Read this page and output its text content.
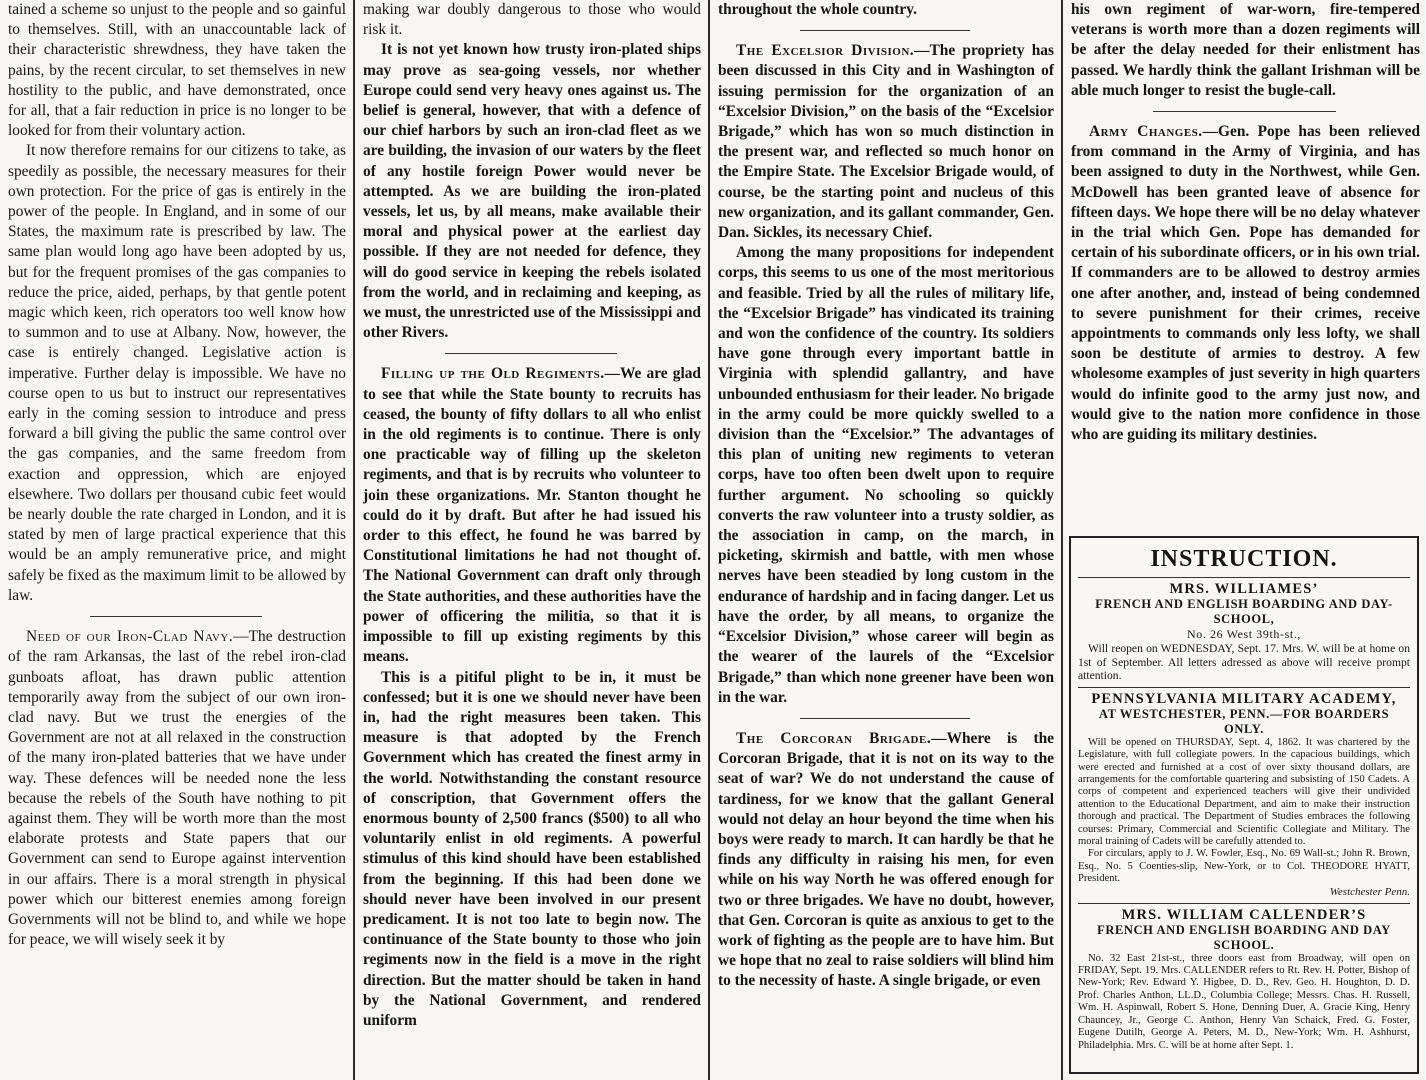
tained a scheme so unjust to the people and so gainful to themselves. Still, with an unaccountable lack of their characteristic shrewdness, they have taken the pains, by the recent circular, to set themselves in new hostility to the public, and have demonstrated, once for all, that a fair reduction in price is no longer to be looked for from their voluntary action.

It now therefore remains for our citizens to take, as speedily as possible, the necessary measures for their own protection. For the price of gas is entirely in the power of the people. In England, and in some of our States, the maximum rate is prescribed by law. The same plan would long ago have been adopted by us, but for the frequent promises of the gas companies to reduce the price, aided, perhaps, by that gentle potent magic which keen, rich operators too well know how to summon and to use at Albany. Now, however, the case is entirely changed. Legislative action is imperative. Further delay is impossible. We have no course open to us but to instruct our representatives early in the coming session to introduce and press forward a bill giving the public the same control over the gas companies, and the same freedom from exaction and oppression, which are enjoyed elsewhere. Two dollars per thousand cubic feet would be nearly double the rate charged in London, and it is stated by men of large practical experience that this would be an amply remunerative price, and might safely be fixed as the maximum limit to be allowed by law.

Need of our Iron-Clad Navy.—The destruction of the ram Arkansas, the last of the rebel iron-clad gunboats afloat, has drawn public attention temporarily away from the subject of our own iron-clad navy. But we trust the energies of the Government are not at all relaxed in the construction of the many iron-plated batteries that we have under way. These defences will be needed none the less because the rebels of the South have nothing to pit against them. They will be worth more than the most elaborate protests and State papers that our Government can send to Europe against intervention in our affairs. There is a moral strength in physical power which our bitterest enemies among foreign Governments will not be blind to, and while we hope for peace, we will wisely seek it by

making war doubly dangerous to those who would risk it.

It is not yet known how trusty iron-plated ships may prove as sea-going vessels, nor whether Europe could send very heavy ones against us. The belief is general, however, that with a defence of our chief harbors by such an iron-clad fleet as we are building, the invasion of our waters by the fleet of any hostile foreign Power would never be attempted. As we are building the iron-plated vessels, let us, by all means, make available their moral and physical power at the earliest day possible. If they are not needed for defence, they will do good service in keeping the rebels isolated from the world, and in reclaiming and keeping, as we must, the unrestricted use of the Mississippi and other Rivers.

Filling up the Old Regiments.—We are glad to see that while the State bounty to recruits has ceased, the bounty of fifty dollars to all who enlist in the old regiments is to continue. There is only one practicable way of filling up the skeleton regiments, and that is by recruits who volunteer to join these organizations. Mr. Stanton thought he could do it by draft. But after he had issued his order to this effect, he found he was barred by Constitutional limitations he had not thought of. The National Government can draft only through the State authorities, and these authorities have the power of officering the militia, so that it is impossible to fill up existing regiments by this means.

This is a pitiful plight to be in, it must be confessed; but it is one we should never have been in, had the right measures been taken. This measure is that adopted by the French Government which has created the finest army in the world. Notwithstanding the constant resource of conscription, that Government offers the enormous bounty of 2,500 francs ($500) to all who voluntarily enlist in old regiments. A powerful stimulus of this kind should have been established from the beginning. If this had been done we should never have been involved in our present predicament. It is not too late to begin now. The continuance of the State bounty to those who join regiments now in the field is a move in the right direction. But the matter should be taken in hand by the National Government, and rendered uniform

throughout the whole country.

The Excelsior Division.—The propriety has been discussed in this City and in Washington of issuing permission for the organization of an “Excelsior Division,” on the basis of the “Excelsior Brigade,” which has won so much distinction in the present war, and reflected so much honor on the Empire State. The Excelsior Brigade would, of course, be the starting point and nucleus of this new organization, and its gallant commander, Gen. Dan. Sickles, its necessary Chief.

Among the many propositions for independent corps, this seems to us one of the most meritorious and feasible. Tried by all the rules of military life, the “Excelsior Brigade” has vindicated its training and won the confidence of the country. Its soldiers have gone through every important battle in Virginia with splendid gallantry, and have unbounded enthusiasm for their leader. No brigade in the army could be more quickly swelled to a division than the “Excelsior.” The advantages of this plan of uniting new regiments to veteran corps, have too often been dwelt upon to require further argument. No schooling so quickly converts the raw volunteer into a trusty soldier, as the association in camp, on the march, in picketing, skirmish and battle, with men whose nerves have been steadied by long custom in the endurance of hardship and in facing danger. Let us have the order, by all means, to organize the “Excelsior Division,” whose career will begin as the wearer of the laurels of the “Excelsior Brigade,” than which none greener have been won in the war.

The Corcoran Brigade.—Where is the Corcoran Brigade, that it is not on its way to the seat of war? We do not understand the cause of tardiness, for we know that the gallant General would not delay an hour beyond the time when his boys were ready to march. It can hardly be that he finds any difficulty in raising his men, for even while on his way North he was offered enough for two or three brigades. We have no doubt, however, that Gen. Corcoran is quite as anxious to get to the work of fighting as the people are to have him. But we hope that no zeal to raise soldiers will blind him to the necessity of haste. A single brigade, or even

his own regiment of war-worn, fire-tempered veterans is worth more than a dozen regiments will be after the delay needed for their enlistment has passed. We hardly think the gallant Irishman will be able much longer to resist the bugle-call.

Army Changes.—Gen. Pope has been relieved from command in the Army of Virginia, and has been assigned to duty in the Northwest, while Gen. McDowell has been granted leave of absence for fifteen days. We hope there will be no delay whatever in the trial which Gen. Pope has demanded for certain of his subordinate officers, or in his own trial. If commanders are to be allowed to destroy armies one after another, and, instead of being condemned to severe punishment for their crimes, receive appointments to commands only less lofty, we shall soon be destitute of armies to destroy. A few wholesome examples of just severity in high quarters would do infinite good to the army just now, and would give to the nation more confidence in those who are guiding its military destinies.

INSTRUCTION.

MRS. WILLIAMES’

FRENCH AND ENGLISH BOARDING AND DAY-SCHOOL,

No. 26 West 39th-st.,

Will reopen on WEDNESDAY, Sept. 17. Mrs. W. will be at home on 1st of September. All letters adressed as above will receive prompt attention.

PENNSYLVANIA MILITARY ACADEMY,

AT WESTCHESTER, PENN.—FOR BOARDERS ONLY.

Will be opened on THURSDAY, Sept. 4, 1862. It was chartered by the Legislature, with full collegiate powers. In the capacious buildings, which were erected and furnished at a cost of over sixty thousand dollars, are arrangements for the comfortable quartering and subsisting of 150 Cadets. A corps of competent and experienced teachers will give their undivided attention to the Educational Department, and aim to make their instruction thorough and practical. The Department of Studies embraces the following courses: Primary, Commercial and Scientific Collegiate and Military. The moral training of Cadets will be carefully attended to.

For circulars, apply to J. W. Fowler, Esq., No. 69 Wall-st.; John R. Brown, Esq., No. 5 Coenties-slip, New-York, or to Col. THEODORE HYATT, President.

Westchester Penn.

MRS. WILLIAM CALLENDER’S

FRENCH AND ENGLISH BOARDING AND DAY SCHOOL.

No. 32 East 21st-st., three doors east from Broadway, will open on FRIDAY, Sept. 19. Mrs. CALLENDER refers to Rt. Rev. H. Potter, Bishop of New-York; Rev. Edward Y. Higbee, D. D., Rev. Geo. H. Houghton, D. D. Prof. Charles Anthon, LL.D., Columbia College; Messrs. Chas. H. Russell, Wm. H. Aspinwall, Robert S. Hone, Denning Duer, A. Gracie King, Henry Chauncey, Jr., George C. Anthon, Henry Van Schaick, Fred. G. Foster, Eugene Dutilh, George A. Peters, M. D., New-York; Wm. H. Ashhurst, Philadelphia. Mrs. C. will be at home after Sept. 1.
